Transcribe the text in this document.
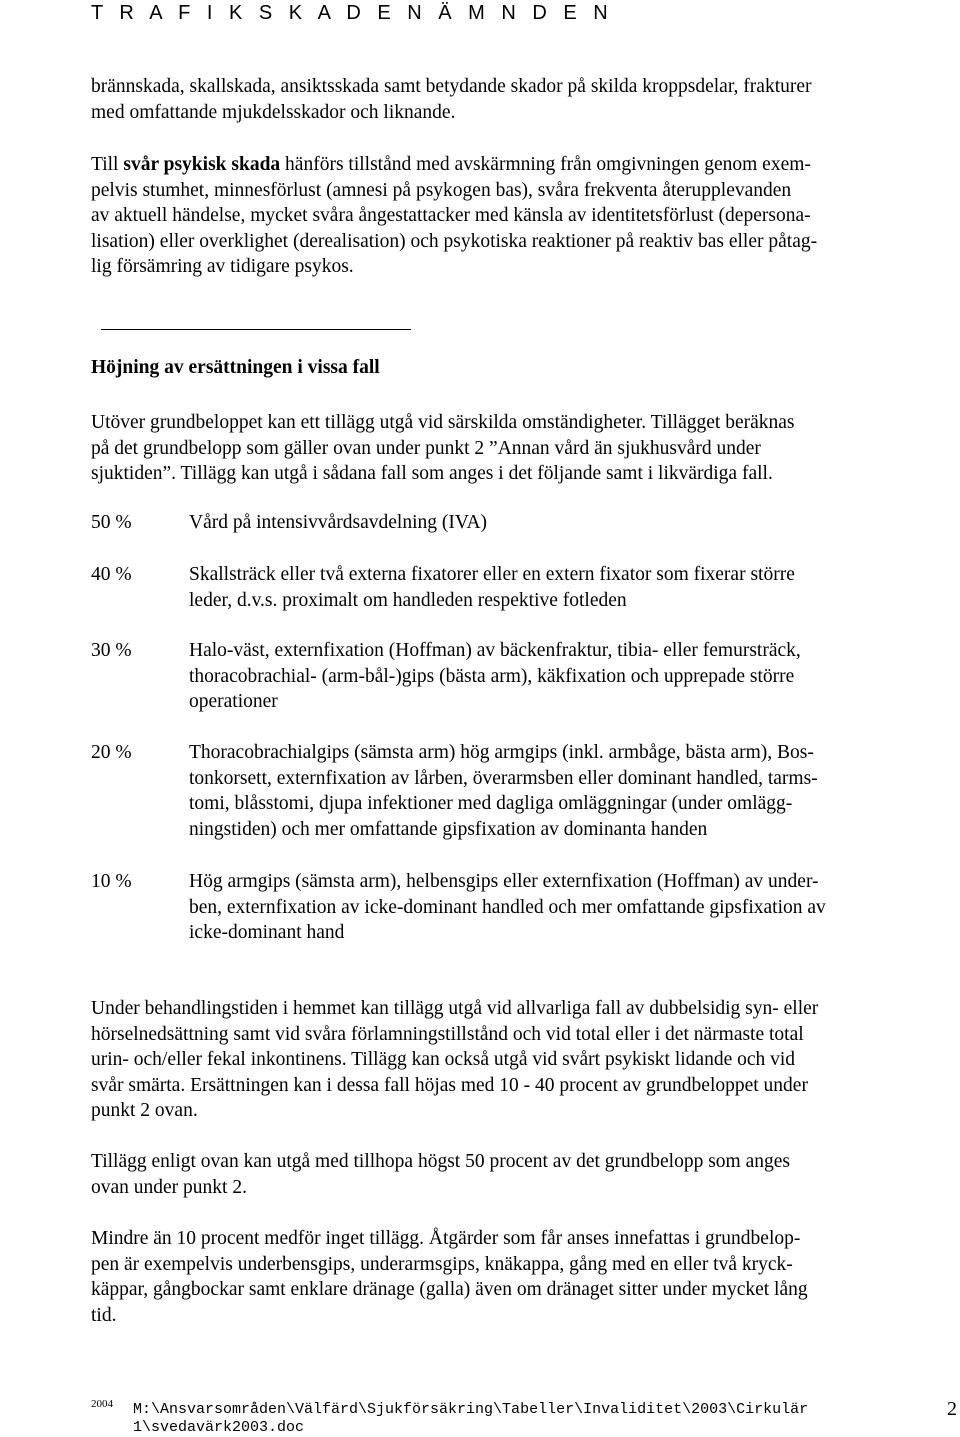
T R A F I K S K A D E N Ä M N D E N
brännskada, skallskada, ansiktsskada samt betydande skador på skilda kroppsdelar, frakturer
med omfattande mjukdelsskador och liknande.
Till svår psykisk skada hänförs tillstånd med avskärmning från omgivningen genom exem-
pelvis stumhet, minnesförlust (amnesi på psykogen bas), svåra frekventa återupplevanden
av aktuell händelse, mycket svåra ångestattacker med känsla av identitetsförlust (depersona-
lisation) eller overklighet (derealisation) och psykotiska reaktioner på reaktiv bas eller påtag-
lig försämring av tidigare psykos.
Höjning av ersättningen i vissa fall
Utöver grundbeloppet kan ett tillägg utgå vid särskilda omständigheter. Tillägget beräknas
på det grundbelopp som gäller ovan under punkt 2 ”Annan vård än sjukhusvård under
sjuktiden”. Tillägg kan utgå i sådana fall som anges i det följande samt i likvärdiga fall.
50 %	Vård på intensivvårdsavdelning (IVA)
40 %	Skallsträck eller två externa fixatorer eller en extern fixator som fixerar större
leder, d.v.s. proximalt om handleden respektive fotleden
30 %	Halo-väst, externfixation (Hoffman) av bäckenfraktur, tibia- eller femursträck,
thoracobrachial- (arm-bål-)gips (bästa arm), käkfixation och upprepade större
operationer
20 %	Thoracobrachialgips (sämsta arm) hög armgips (inkl. armbåge, bästa arm), Bos-
tonkorsett, externfixation av lårben, överarmsben eller dominant handled, tarms-
tomi, blåsstomi, djupa infektioner med dagliga omläggningar (under omlägg-
ningstiden) och mer omfattande gipsfixation av dominanta handen
10 %	Hög armgips (sämsta arm), helbensgips eller externfixation (Hoffman) av under-
ben, externfixation av icke-dominant handled och mer omfattande gipsfixation av
icke-dominant hand
Under behandlingstiden i hemmet kan tillägg utgå vid allvarliga fall av dubbelsidig syn- eller
hörselnedsättning samt vid svåra förlamningstillstånd och vid total eller i det närmaste total
urin- och/eller fekal inkontinens. Tillägg kan också utgå vid svårt psykiskt lidande och vid
svår smärta. Ersättningen kan i dessa fall höjas med 10 - 40 procent av grundbeloppet under
punkt 2 ovan.
Tillägg enligt ovan kan utgå med tillhopa högst 50 procent av det grundbelopp som anges
ovan under punkt 2.
Mindre än 10 procent medför inget tillägg. Åtgärder som får anses innefattas i grundbelop-
pen är exempelvis underbensgips, underarmsgips, knäkappa, gång med en eller två kryck-
käppar, gångbockar samt enklare dränage (galla) även om dränaget sitter under mycket lång
tid.
2004 M:\Ansvarsområden\Välfärd\Sjukförsäkring\Tabeller\Invaliditet\2003\Cirkulär
1\svedavärk2003.doc
2
